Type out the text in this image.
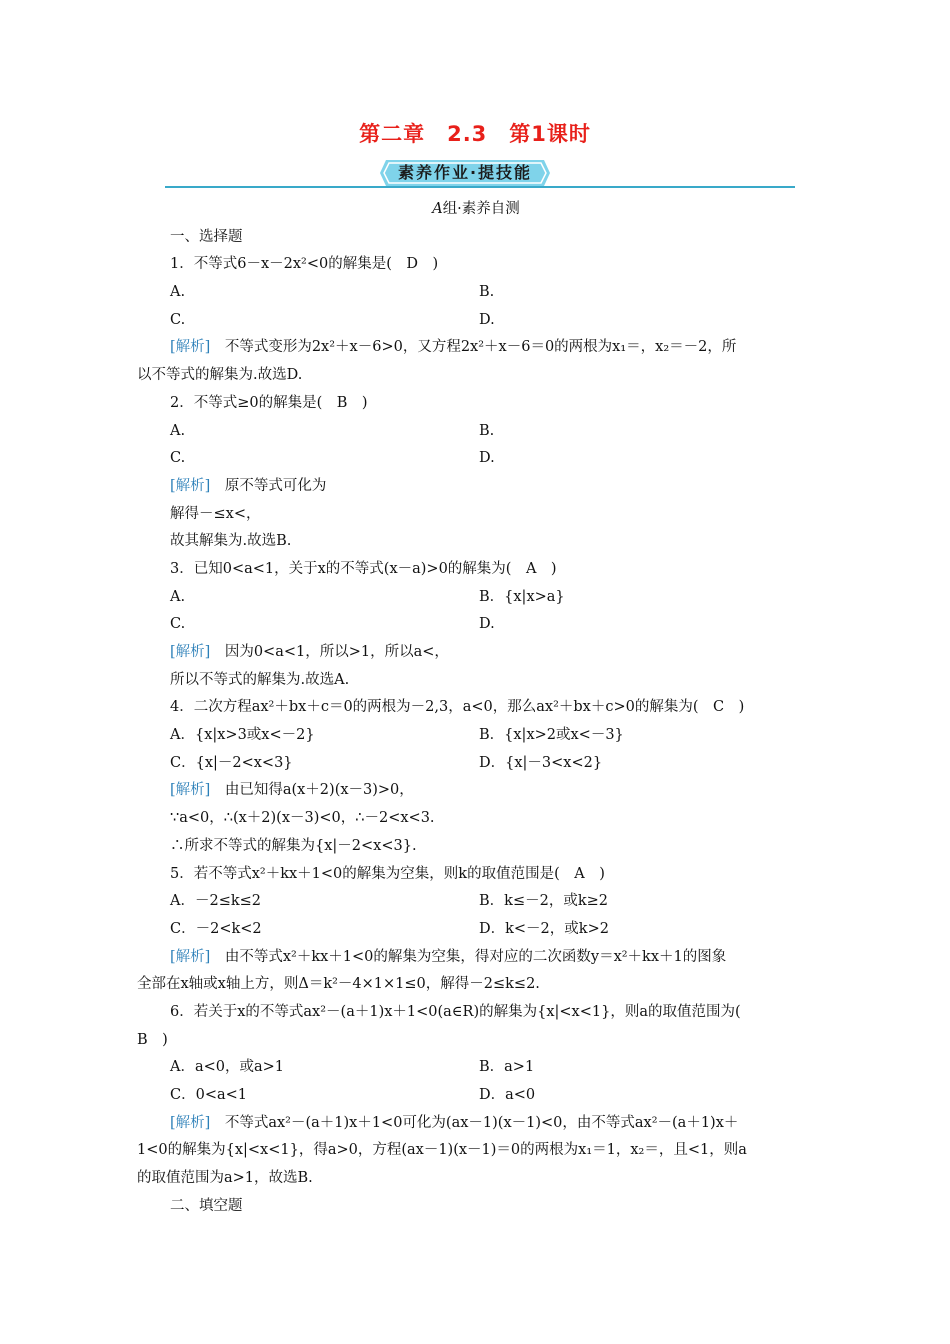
第二章　2.3　第1课时
素养作业·提技能
A组·素养自测
一、选择题
1．不等式6－x－2x²<0的解集是(　D　)
A.	B.
C.	D.
[解析]　 不等式变形为2x²＋x－6>0，又方程2x²＋x－6＝0的两根为x₁＝，x₂＝－2，所
以不等式的解集为.故选D.
2．不等式≥0的解集是(　B　)
A.	B.
C.	D.
[解析]　 原不等式可化为
解得－≤x<，
故其解集为.故选B.
3．已知0<a<1，关于x的不等式(x－a)>0的解集为(　A　)
A.	B．{x|x>a}
C.	D.
[解析]　 因为0<a<1，所以>1，所以a<，
所以不等式的解集为.故选A.
4．二次方程ax²＋bx＋c＝0的两根为－2,3，a<0，那么ax²＋bx＋c>0的解集为(　C　)
A．{x|x>3或x<－2}	B．{x|x>2或x<－3}
C．{x|－2<x<3}	D．{x|－3<x<2}
[解析]　 由已知得a(x＋2)(x－3)>0，
∵a<0，∴(x＋2)(x－3)<0，∴－2<x<3.
∴所求不等式的解集为{x|－2<x<3}.
5．若不等式x²＋kx＋1<0的解集为空集，则k的取值范围是(　A　)
A．－2≤k≤2	B．k≤－2，或k≥2
C．－2<k<2	D．k<－2，或k>2
[解析]　 由不等式x²＋kx＋1<0的解集为空集，得对应的二次函数y＝x²＋kx＋1的图象
全部在x轴或x轴上方，则Δ＝k²－4×1×1≤0，解得－2≤k≤2.
6．若关于x的不等式ax²－(a＋1)x＋1<0(a∈R)的解集为{x|<x<1}，则a的取值范围为(
B　)
A．a<0，或a>1	B．a>1
C．0<a<1	D．a<0
[解析]　 不等式ax²－(a＋1)x＋1<0可化为(ax－1)(x－1)<0，由不等式ax²－(a＋1)x＋
1<0的解集为{x|<x<1}，得a>0，方程(ax－1)(x－1)＝0的两根为x₁＝1，x₂＝，且<1，则a
的取值范围为a>1，故选B.
二、填空题
